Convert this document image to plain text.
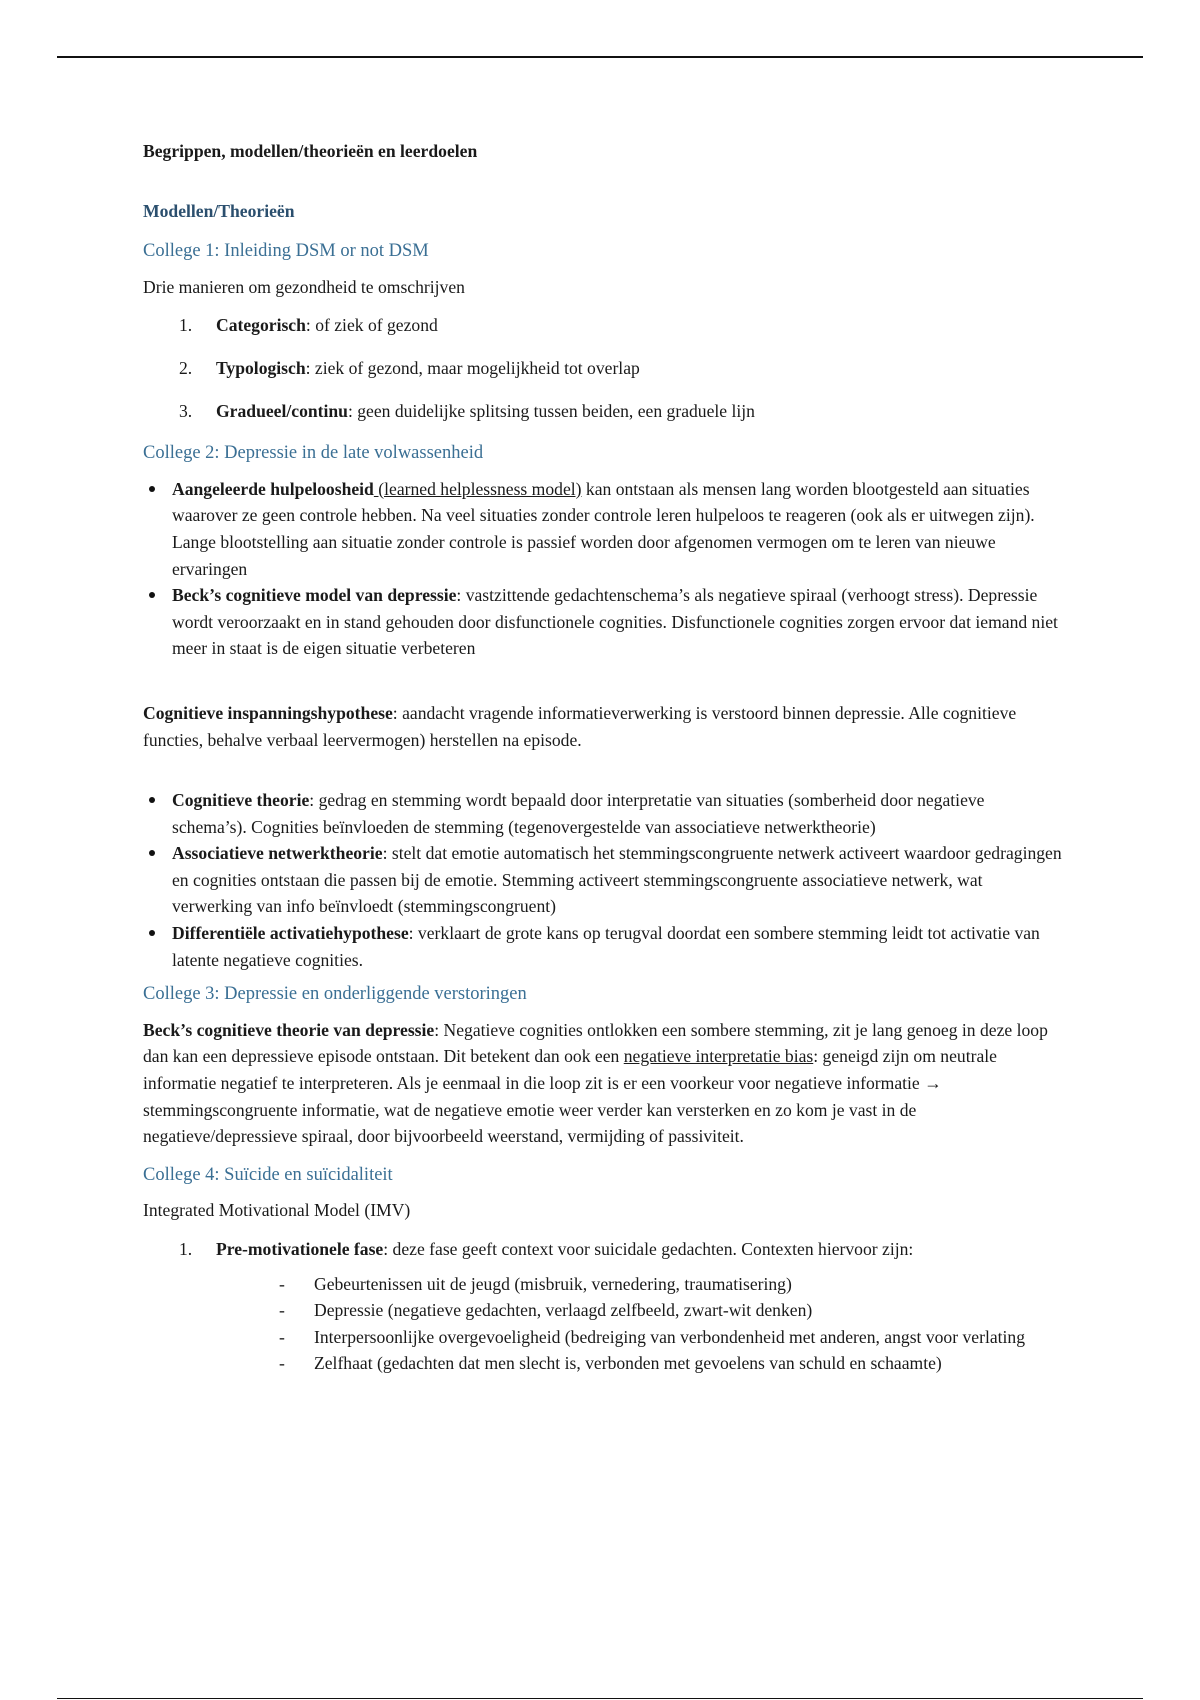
Begrippen, modellen/theorieën en leerdoelen
Modellen/Theorieën
College 1: Inleiding DSM or not DSM

Drie manieren om gezondheid te omschrijven

1. Categorisch: of ziek of gezond
2. Typologisch: ziek of gezond, maar mogelijkheid tot overlap
3. Gradueel/continu: geen duidelijke splitsing tussen beiden, een graduele lijn
College 2: Depressie in de late volwassenheid
Aangeleerde hulpeloosheid (learned helplessness model) kan ontstaan als mensen lang worden blootgesteld aan situaties waarover ze geen controle hebben. Na veel situaties zonder controle leren hulpeloos te reageren (ook als er uitwegen zijn). Lange blootstelling aan situatie zonder controle is passief worden door afgenomen vermogen om te leren van nieuwe ervaringen
Beck’s cognitieve model van depressie: vastzittende gedachtenschema’s als negatieve spiraal (verhoogt stress). Depressie wordt veroorzaakt en in stand gehouden door disfunctionele cognities. Disfunctionele cognities zorgen ervoor dat iemand niet meer in staat is de eigen situatie verbeteren

Cognitieve inspanningshypothese: aandacht vragende informatieverwerking is verstoord binnen depressie. Alle cognitieve functies, behalve verbaal leervermogen) herstellen na episode.

Cognitieve theorie: gedrag en stemming wordt bepaald door interpretatie van situaties (somberheid door negatieve schema’s). Cognities beïnvloeden de stemming (tegenovergestelde van associatieve netwerktheorie)
Associatieve netwerktheorie: stelt dat emotie automatisch het stemmingscongruente netwerk activeert waardoor gedragingen en cognities ontstaan die passen bij de emotie. Stemming activeert stemmingscongruente associatieve netwerk, wat verwerking van info beïnvloedt (stemmingscongruent)
Differentiële activatiehypothese: verklaart de grote kans op terugval doordat een sombere stemming leidt tot activatie van latente negatieve cognities.
College 3: Depressie en onderliggende verstoringen

Beck’s cognitieve theorie van depressie: Negatieve cognities ontlokken een sombere stemming, zit je lang genoeg in deze loop dan kan een depressieve episode ontstaan. Dit betekent dan ook een negatieve interpretatie bias: geneigd zijn om neutrale informatie negatief te interpreteren. Als je eenmaal in die loop zit is er een voorkeur voor negatieve informatie → stemmingscongruente informatie, wat de negatieve emotie weer verder kan versterken en zo kom je vast in de negatieve/depressieve spiraal, door bijvoorbeeld weerstand, vermijding of passiviteit.

College 4: Suïcide en suïcidaliteit

Integrated Motivational Model (IMV)

1. Pre-motivationele fase: deze fase geeft context voor suicidale gedachten. Contexten hiervoor zijn:
- Gebeurtenissen uit de jeugd (misbruik, vernedering, traumatisering)
- Depressie (negatieve gedachten, verlaagd zelfbeeld, zwart-wit denken)
- Interpersoonlijke overgevoeligheid (bedreiging van verbondenheid met anderen, angst voor verlating
- Zelfhaat (gedachten dat men slecht is, verbonden met gevoelens van schuld en schaamte)
